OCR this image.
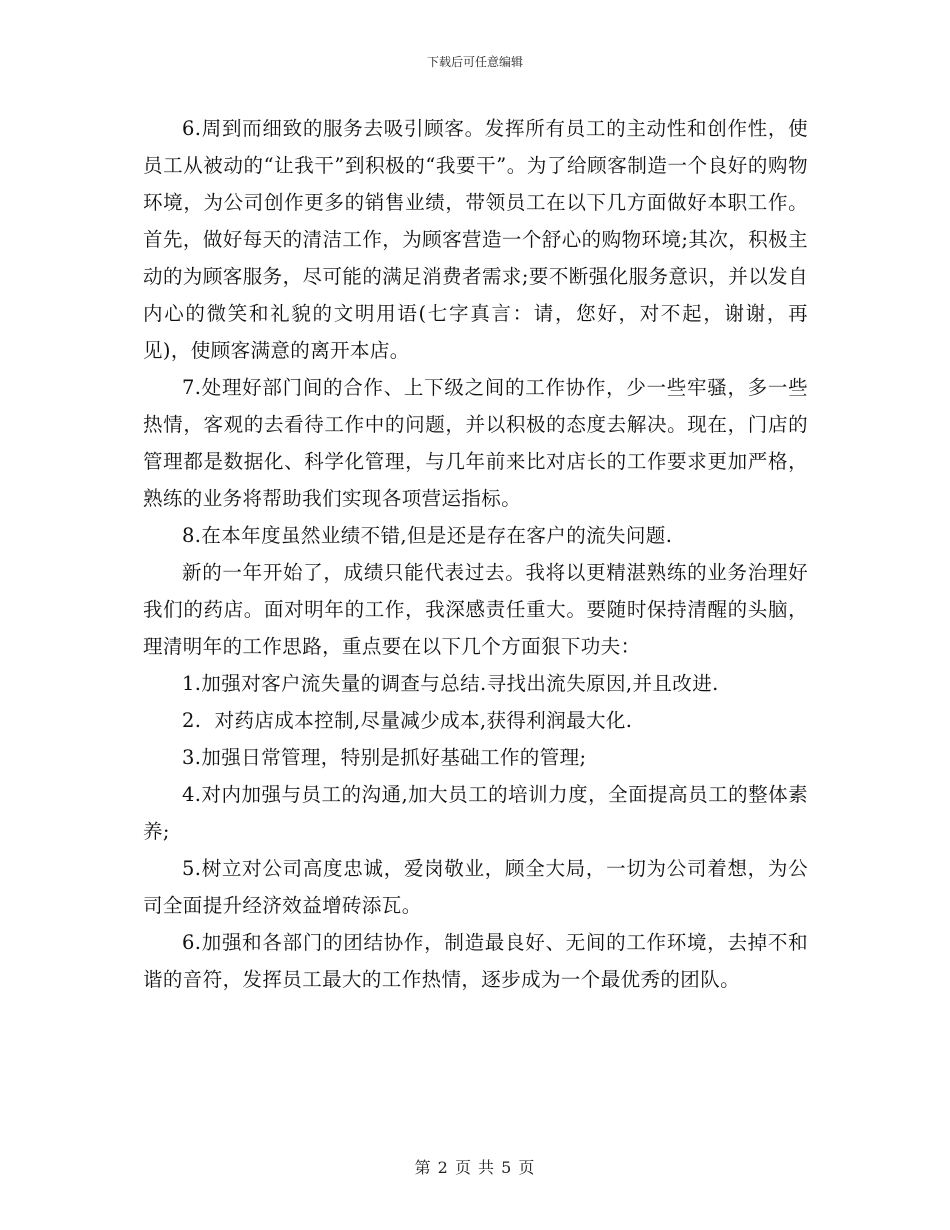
下载后可任意编辑

6.周到而细致的服务去吸引顾客。发挥所有员工的主动性和创作性，使员工从被动的“让我干”到积极的“我要干”。为了给顾客制造一个良好的购物环境，为公司创作更多的销售业绩，带领员工在以下几方面做好本职工作。首先，做好每天的清洁工作，为顾客营造一个舒心的购物环境;其次，积极主动的为顾客服务，尽可能的满足消费者需求;要不断强化服务意识，并以发自内心的微笑和礼貌的文明用语(七字真言：请，您好，对不起，谢谢，再见)，使顾客满意的离开本店。

7.处理好部门间的合作、上下级之间的工作协作，少一些牢骚，多一些热情，客观的去看待工作中的问题，并以积极的态度去解决。现在，门店的管理都是数据化、科学化管理，与几年前来比对店长的工作要求更加严格，熟练的业务将帮助我们实现各项营运指标。

8.在本年度虽然业绩不错,但是还是存在客户的流失问题.

新的一年开始了，成绩只能代表过去。我将以更精湛熟练的业务治理好我们的药店。面对明年的工作，我深感责任重大。要随时保持清醒的头脑，理清明年的工作思路，重点要在以下几个方面狠下功夫：

1.加强对客户流失量的调查与总结.寻找出流失原因,并且改进.

2.  对药店成本控制,尽量减少成本,获得利润最大化.

3.加强日常管理，特别是抓好基础工作的管理;

4.对内加强与员工的沟通,加大员工的培训力度，全面提高员工的整体素养;

5.树立对公司高度忠诚，爱岗敬业，顾全大局，一切为公司着想，为公司全面提升经济效益增砖添瓦。

6.加强和各部门的团结协作，制造最良好、无间的工作环境，去掉不和谐的音符，发挥员工最大的工作热情，逐步成为一个最优秀的团队。

第 2 页 共 5 页
